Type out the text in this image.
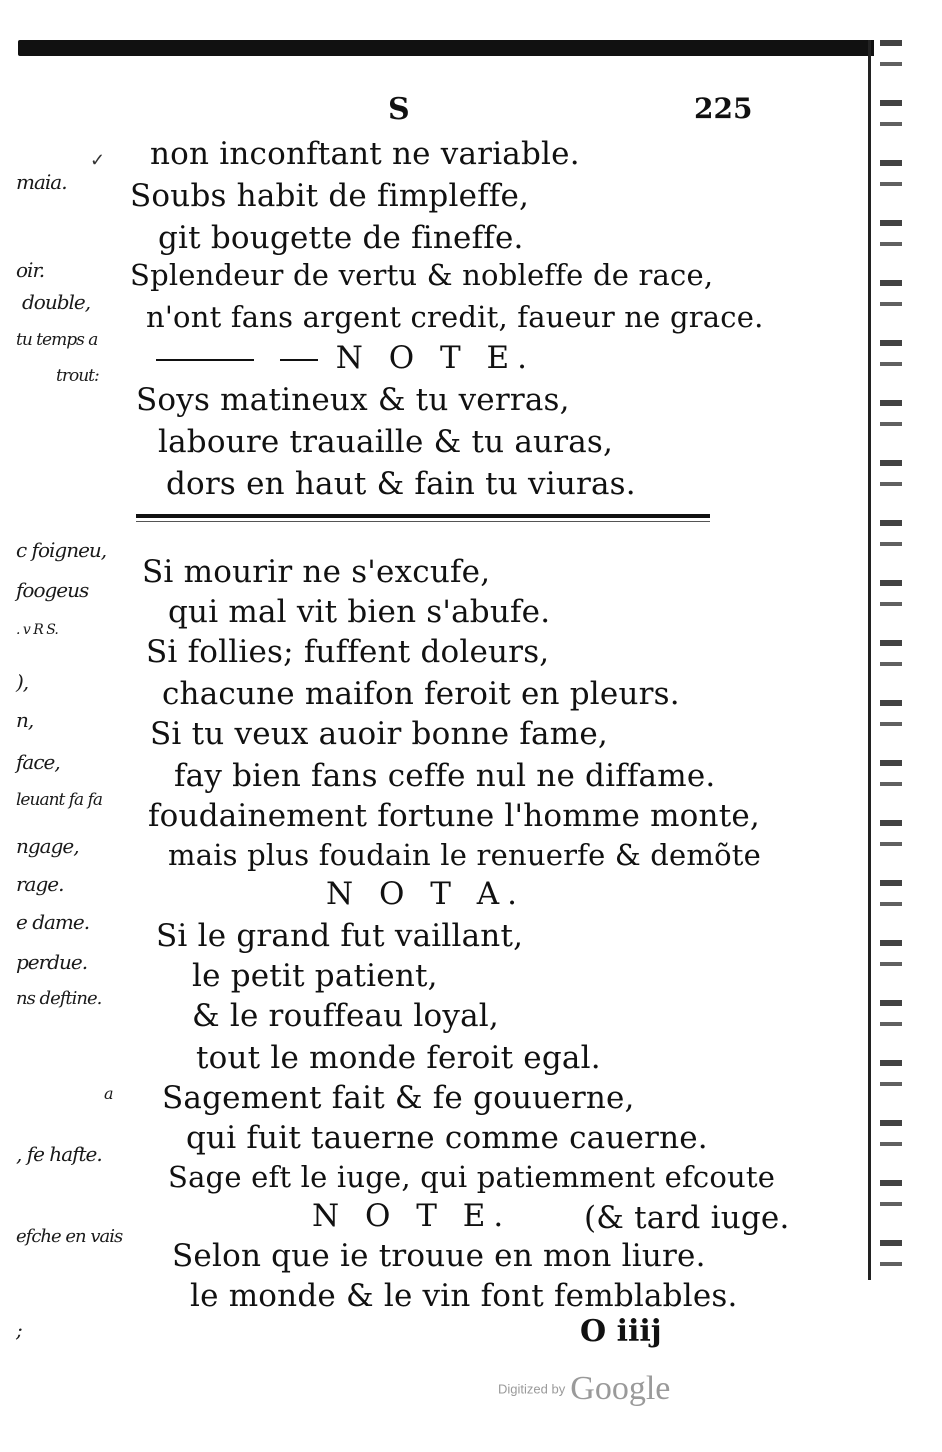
S	225
✓
maia.
oir.
double,
tu temps a
trout:
c foigneu,
foogeus
. v R S.
),
n,
face,
leuant fa fa
ngage,
rage.
e dame.
perdue.
ns deftine.
a
, fe hafte.
efche en vais
;
non inconftant ne variable.
Soubs habit de fimpleffe,
git bougette de fineffe.
Splendeur de vertu & nobleffe de race,
n'ont fans argent credit, faueur ne grace.
N O T E.
Soys matineux & tu verras,
laboure trauaille & tu auras,
dors en haut & fain tu viuras.
Si mourir ne s'excufe,
qui mal vit bien s'abufe.
Si follies; fuffent doleurs,
chacune maifon feroit en pleurs.
Si tu veux auoir bonne fame,
fay bien fans ceffe nul ne diffame.
foudainement fortune l'homme monte,
mais plus foudain le renuerfe & demõte
N O T A.
Si le grand fut vaillant,
le petit patient,
& le rouffeau loyal,
tout le monde feroit egal.
Sagement fait & fe gouuerne,
qui fuit tauerne comme cauerne.
Sage eft le iuge, qui patiemment efcoute
N O T E. (& tard iuge.
Selon que ie trouue en mon liure.
le monde & le vin font femblables.
O iiij
Digitized by Google
